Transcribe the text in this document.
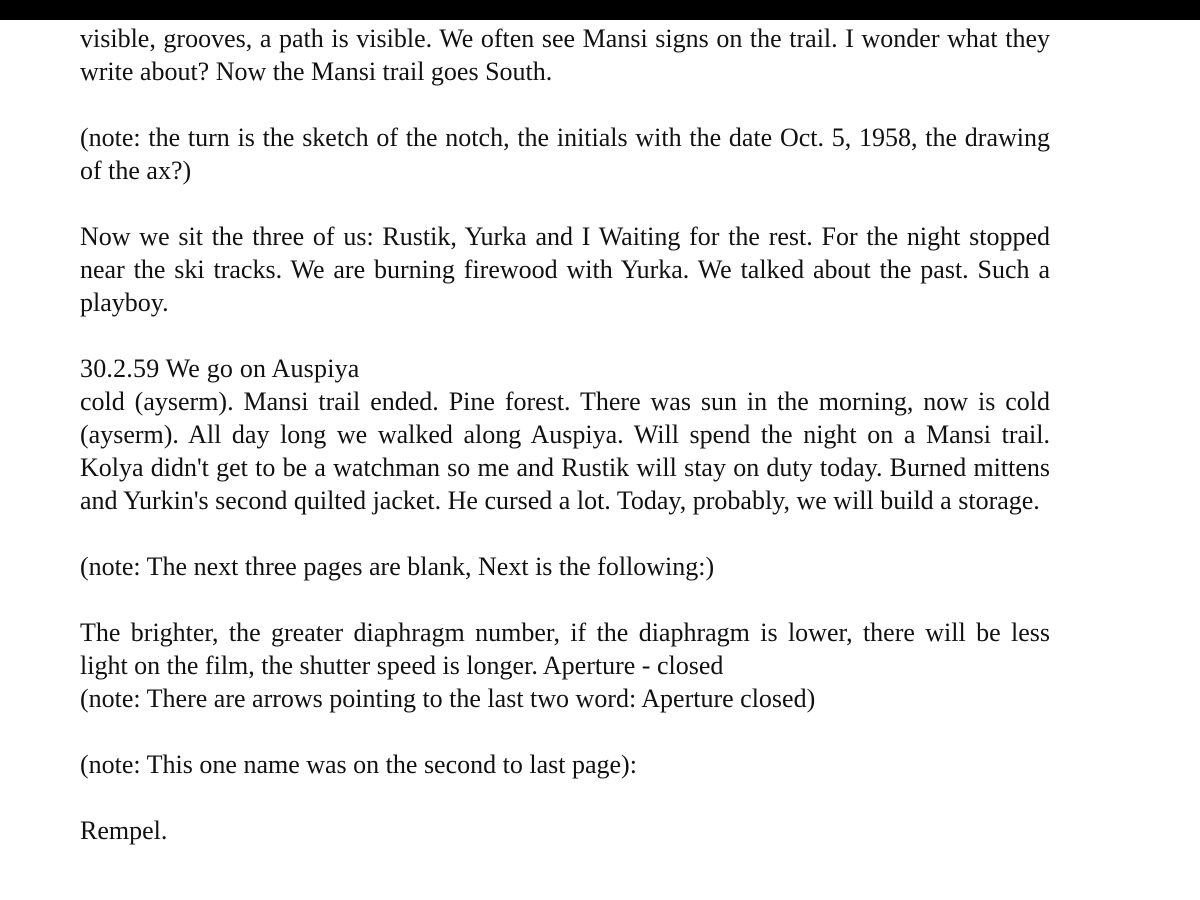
visible, grooves, a path is visible. We often see Mansi signs on the trail. I wonder what they write about? Now the Mansi trail goes South.

(note: the turn is the sketch of the notch, the initials with the date Oct. 5, 1958, the drawing of the ax?)

Now we sit the three of us: Rustik, Yurka and I Waiting for the rest. For the night stopped near the ski tracks. We are burning firewood with Yurka. We talked about the past. Such a playboy.

30.2.59 We go on Auspiya

cold (ayserm). Mansi trail ended. Pine forest. There was sun in the morning, now is cold (ayserm). All day long we walked along Auspiya. Will spend the night on a Mansi trail. Kolya didn't get to be a watchman so me and Rustik will stay on duty today. Burned mittens and Yurkin's second quilted jacket. He cursed a lot. Today, probably, we will build a storage.

(note: The next three pages are blank, Next is the following:)

The brighter, the greater diaphragm number, if the diaphragm is lower, there will be less light on the film, the shutter speed is longer. Aperture - closed

(note: There are arrows pointing to the last two word: Aperture closed)

(note: This one name was on the second to last page):

Rempel.
